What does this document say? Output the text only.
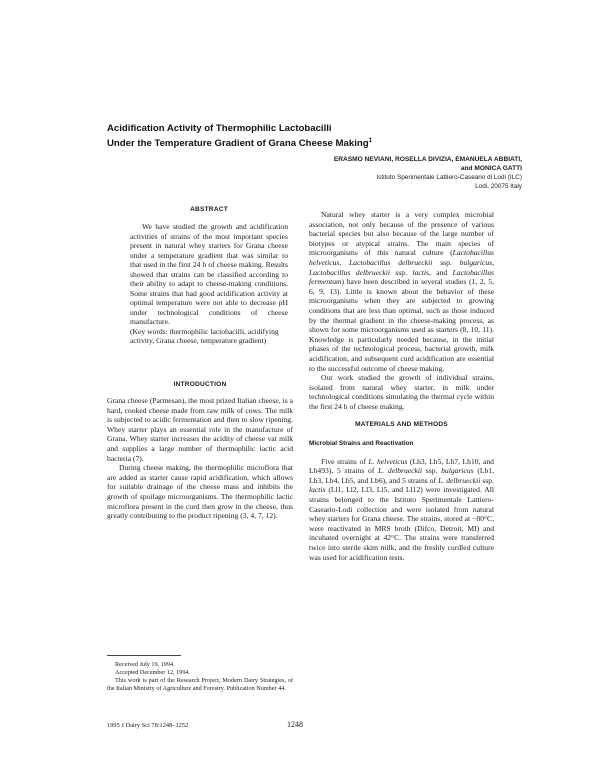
Acidification Activity of Thermophilic Lactobacilli
Under the Temperature Gradient of Grana Cheese Making$^1$
ERASMO NEVIANI, ROSELLA DIVIZIA, EMANUELA ABBIATI,
and MONICA GATTI
Istituto Sperimentale Lattiero-Caseario di Lodi (ILC)
Lodi, 20075 Italy
ABSTRACT
We have studied the growth and acidification activities of strains of the most important species present in natural whey starters for Grana cheese under a temperature gradient that was similar to that used in the first 24 h of cheese making. Results showed that strains can be classified according to their ability to adapt to cheese-making conditions. Some strains that had good acidification activity at optimal temperature were not able to decrease pH under technological conditions of cheese manufacture.
(Key words: thermophilic lactobacilli, acidifying activity, Grana cheese, temperature gradient)
INTRODUCTION

Grana cheese (Parmesan), the most prized Italian cheese, is a hard, cooked cheese made from raw milk of cows. The milk is subjected to acidic fermentation and then to slow ripening. Whey starter plays an essential role in the manufacture of Grana. Whey starter increases the acidity of cheese vat milk and supplies a large number of thermophilic lactic acid bacteria (7).

During cheese making, the thermophilic microflora that are added as starter cause rapid acidification, which allows for suitable drainage of the cheese mass and inhibits the growth of spoilage microorganisms. The thermophilic lactic microflora present in the curd then grow in the cheese, thus greatly contributing to the product ripening (3, 4, 7, 12).

Natural whey starter is a very complex microbial association, not only because of the presence of various bacterial species but also because of the large number of biotypes or atypical strains. The main species of microorganisms of this natural culture (Lactobacillus helveticus, Lactobacillus delbrueckii ssp. bulgaricus, Lactobacillus delbrueckii ssp. lactis, and Lactobacillus fermentum) have been described in several studies (1, 2, 5, 6, 9, 13). Little is known about the behavior of these microorganisms when they are subjected to growing conditions that are less than optimal, such as those induced by the thermal gradient in the cheese-making process, as shown for some microorganisms used as starters (8, 10, 11). Knowledge is particularly needed because, in the initial phases of the technological process, bacterial growth, milk acidification, and subsequent curd acidification are essential to the successful outcome of cheese making.

Our work studied the growth of individual strains, isolated from natural whey starter, in milk under technological conditions simulating the thermal cycle within the first 24 h of cheese making.

MATERIALS AND METHODS
Microbial Strains and Reactivation

Five strains of L. helveticus (Lh3, Lh5, Lh7, Lh10, and Lh493), 5 strains of L. delbrueckii ssp. bulgaricus (Lb1, Lb3, Lb4, Lb5, and Lb6), and 5 strains of L. delbrueckii ssp. lactis (Ll1, Ll2, Ll3, Ll5, and Ll12) were investigated. All strains belonged to the Istituto Sperimentale Lattiero-Caseario-Lodi collection and were isolated from natural whey starters for Grana cheese. The strains, stored at −80°C, were reactivated in MRS broth (Difco, Detroit, MI) and incubated overnight at 42°C. The strains were transferred twice into sterile skim milk, and the freshly curdled culture was used for acidification tests.

Received July 19, 1994.
Accepted December 12, 1994.
This work is part of the Research Project, Modern Dairy Strategies, of the Italian Ministry of Agriculture and Forestry. Publication Number 44.
1995 J Dairy Sci 78:1248–1252	1248
